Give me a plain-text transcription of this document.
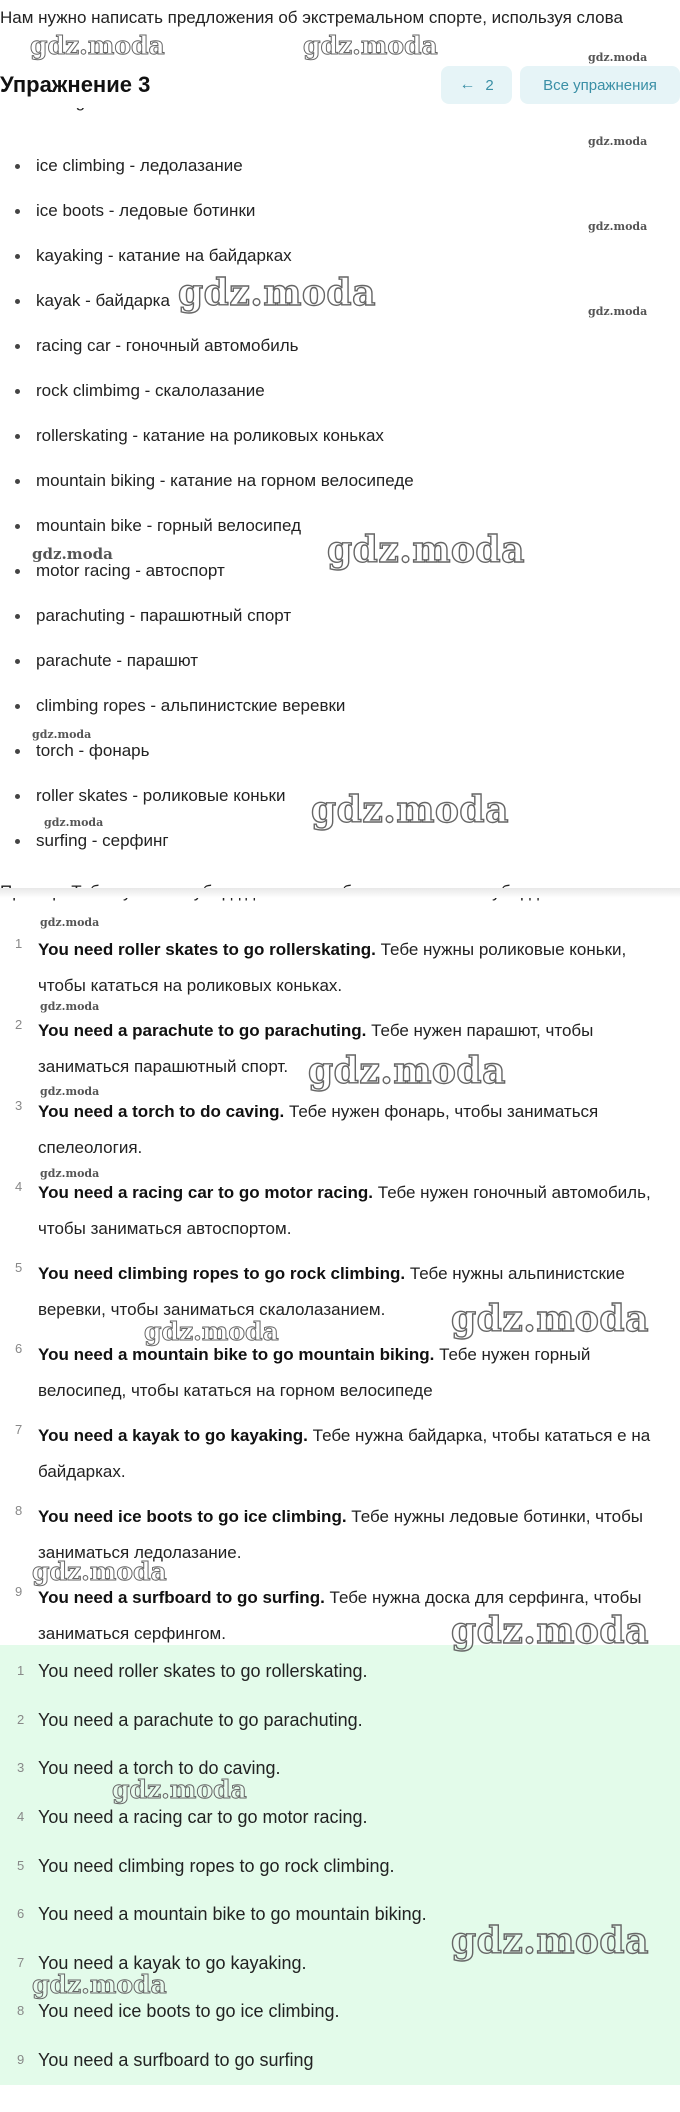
Нам нужно написать предложения об экстремальном спорте, используя слова
Упражнение 3	← 2	Все упражнения
ice climbing - ледолазание
ice boots - ледовые ботинки
kayaking - катание на байдарках
kayak - байдарка
racing car - гоночный автомобиль
rock climbimg - скалолазание
rollerskating - катание на роликовых коньках
mountain biking - катание на горном велосипеде
mountain bike - горный велосипед
motor racing - автоспорт
parachuting - парашютный спорт
parachute - парашют
climbing ropes - альпинистские веревки
torch - фонарь
roller skates - роликовые коньки
surfing - серфинг
1 You need roller skates to go rollerskating. Тебе нужны роликовые коньки, чтобы кататься на роликовых коньках.
2 You need a parachute to go parachuting. Тебе нужен парашют, чтобы заниматься парашютный спорт.
3 You need a torch to do caving. Тебе нужен фонарь, чтобы заниматься спелеология.
4 You need a racing car to go motor racing. Тебе нужен гоночный автомобиль, чтобы заниматься автоспортом.
5 You need climbing ropes to go rock climbing. Тебе нужны альпинистские веревки, чтобы заниматься скалолазанием.
6 You need a mountain bike to go mountain biking. Тебе нужен горный велосипед, чтобы кататься на горном велосипеде
7 You need a kayak to go kayaking. Тебе нужна байдарка, чтобы кататься е на байдарках.
8 You need ice boots to go ice climbing. Тебе нужны ледовые ботинки, чтобы заниматься ледолазание.
9 You need a surfboard to go surfing. Тебе нужна доска для серфинга, чтобы заниматься серфингом.
1 You need roller skates to go rollerskating.
2 You need a parachute to go parachuting.
3 You need a torch to do caving.
4 You need a racing car to go motor racing.
5 You need climbing ropes to go rock climbing.
6 You need a mountain bike to go mountain biking.
7 You need a kayak to go kayaking.
8 You need ice boots to go ice climbing.
9 You need a surfboard to go surfing
gdz.moda	gdz.moda	gdz.moda
gdz.moda
gdz.moda
gdz.moda	gdz.moda
gdz.moda
gdz.moda
gdz.moda
gdz.moda
gdz.moda
gdz.moda
gdz.moda
gdz.moda
gdz.moda
gdz.moda
gdz.moda
gdz.moda
gdz.moda
gdz.moda
gdz.moda
gdz.moda
gdz.moda
